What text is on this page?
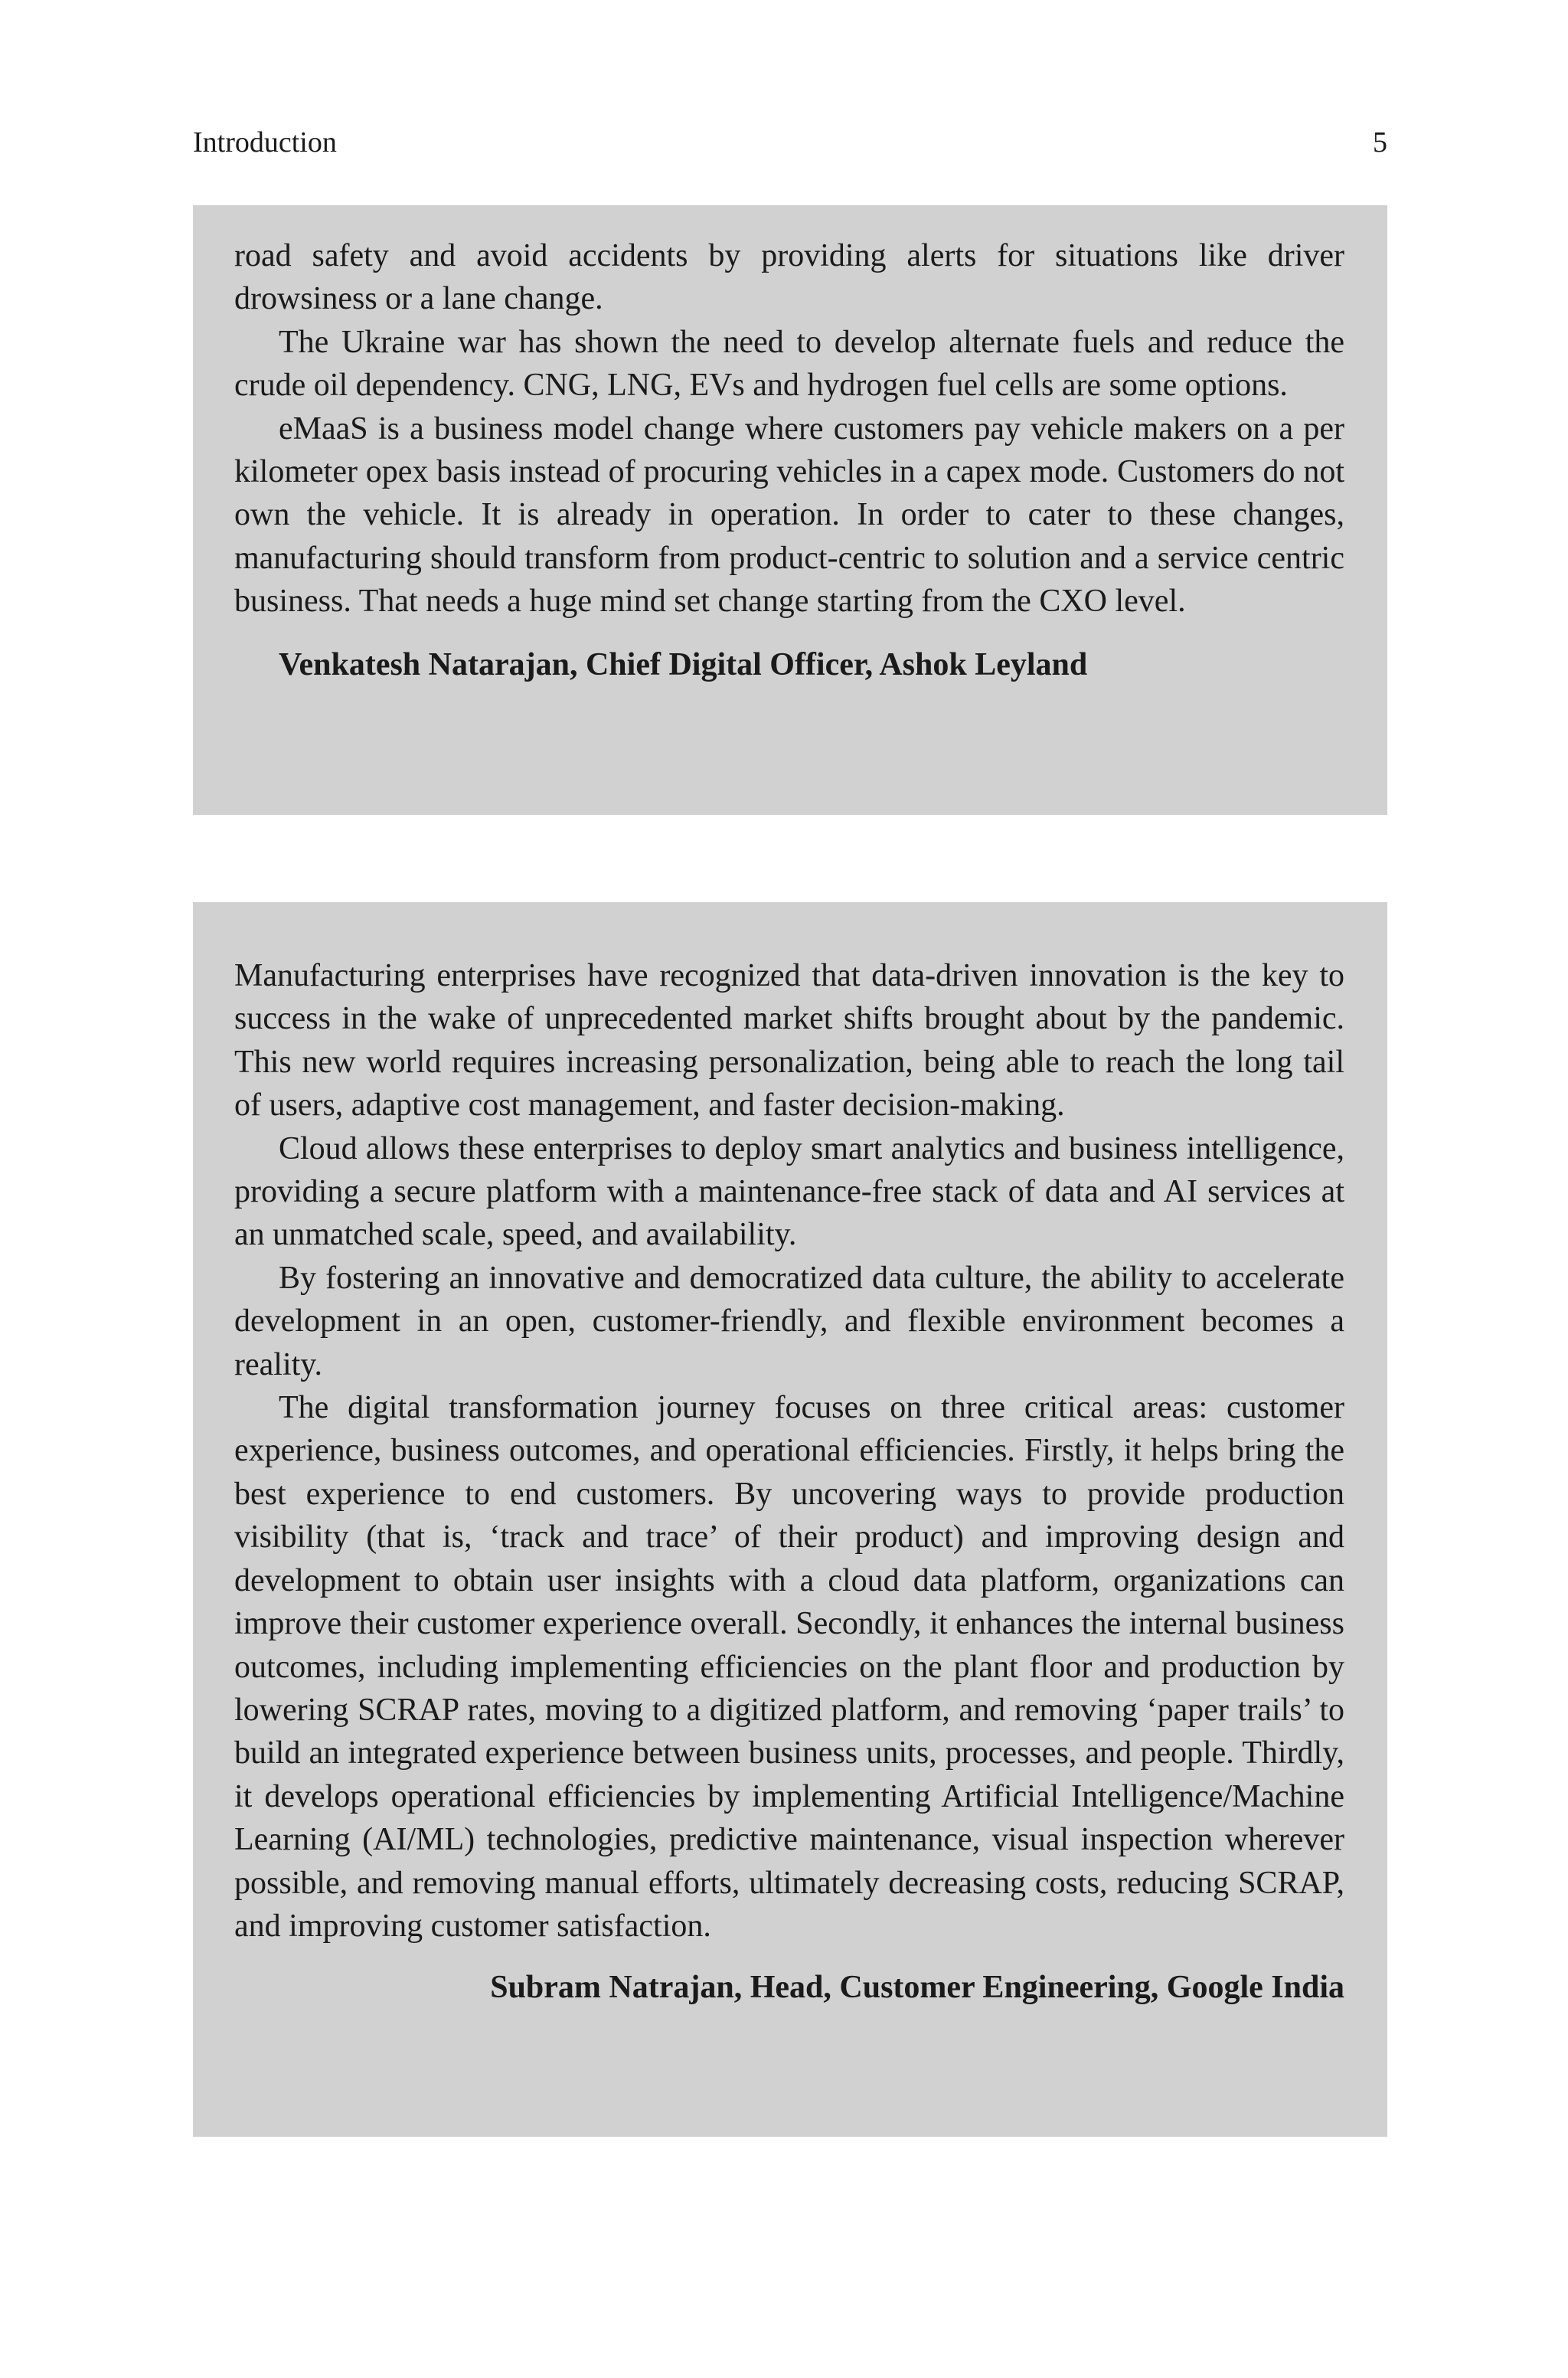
Introduction	5

road safety and avoid accidents by providing alerts for situations like driver drowsiness or a lane change.

The Ukraine war has shown the need to develop alternate fuels and reduce the crude oil dependency. CNG, LNG, EVs and hydrogen fuel cells are some options.

eMaaS is a business model change where customers pay vehicle makers on a per kilometer opex basis instead of procuring vehicles in a capex mode. Customers do not own the vehicle. It is already in operation. In order to cater to these changes, manufacturing should transform from product-centric to solution and a service centric business. That needs a huge mind set change starting from the CXO level.

Venkatesh Natarajan, Chief Digital Officer, Ashok Leyland

Manufacturing enterprises have recognized that data-driven innovation is the key to success in the wake of unprecedented market shifts brought about by the pandemic. This new world requires increasing personalization, being able to reach the long tail of users, adaptive cost management, and faster decision-making.

Cloud allows these enterprises to deploy smart analytics and business intelligence, providing a secure platform with a maintenance-free stack of data and AI services at an unmatched scale, speed, and availability.

By fostering an innovative and democratized data culture, the ability to accelerate development in an open, customer-friendly, and flexible environment becomes a reality.

The digital transformation journey focuses on three critical areas: customer experience, business outcomes, and operational efficiencies. Firstly, it helps bring the best experience to end customers. By uncovering ways to provide production visibility (that is, ‘track and trace’ of their product) and improving design and development to obtain user insights with a cloud data platform, organizations can improve their customer experience overall. Secondly, it enhances the internal business outcomes, including implementing efficiencies on the plant floor and production by lowering SCRAP rates, moving to a digitized platform, and removing ‘paper trails’ to build an integrated experience between business units, processes, and people. Thirdly, it develops operational efficiencies by implementing Artificial Intelligence/Machine Learning (AI/ML) technologies, predictive maintenance, visual inspection wherever possible, and removing manual efforts, ultimately decreasing costs, reducing SCRAP, and improving customer satisfaction.

Subram Natrajan, Head, Customer Engineering, Google India
